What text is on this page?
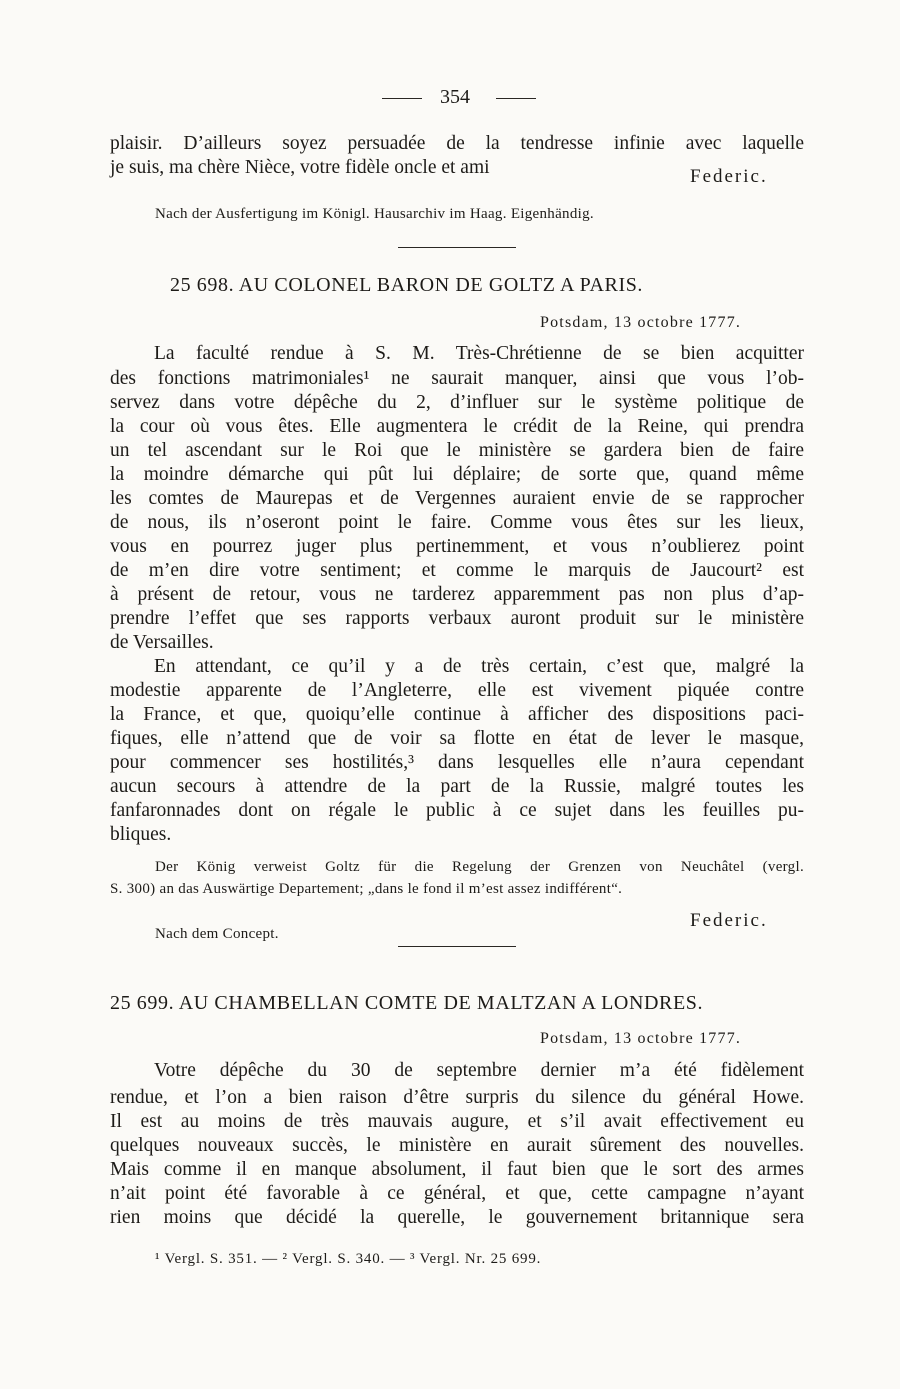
354
plaisir. D’ailleurs soyez persuadée de la tendresse infinie avec laquelle
je suis, ma chère Nièce, votre fidèle oncle et ami	Federic.
Nach der Ausfertigung im Königl. Hausarchiv im Haag. Eigenhändig.
25 698. AU COLONEL BARON DE GOLTZ A PARIS.
Potsdam, 13 octobre 1777.
La faculté rendue à S. M. Très-Chrétienne de se bien acquitter
des fonctions matrimoniales¹ ne saurait manquer, ainsi que vous l’ob-
servez dans votre dépêche du 2, d’influer sur le système politique de
la cour où vous êtes. Elle augmentera le crédit de la Reine, qui prendra
un tel ascendant sur le Roi que le ministère se gardera bien de faire
la moindre démarche qui pût lui déplaire; de sorte que, quand même
les comtes de Maurepas et de Vergennes auraient envie de se rapprocher
de nous, ils n’oseront point le faire. Comme vous êtes sur les lieux,
vous en pourrez juger plus pertinemment, et vous n’oublierez point
de m’en dire votre sentiment; et comme le marquis de Jaucourt² est
à présent de retour, vous ne tarderez apparemment pas non plus d’ap-
prendre l’effet que ses rapports verbaux auront produit sur le ministère
de Versailles.
En attendant, ce qu’il y a de très certain, c’est que, malgré la
modestie apparente de l’Angleterre, elle est vivement piquée contre
la France, et que, quoiqu’elle continue à afficher des dispositions paci-
fiques, elle n’attend que de voir sa flotte en état de lever le masque,
pour commencer ses hostilités,³ dans lesquelles elle n’aura cependant
aucun secours à attendre de la part de la Russie, malgré toutes les
fanfaronnades dont on régale le public à ce sujet dans les feuilles pu-
bliques.
Der König verweist Goltz für die Regelung der Grenzen von Neuchâtel (vergl.
S. 300) an das Auswärtige Departement; „dans le fond il m’est assez indifférent“.
Federic.
Nach dem Concept.
25 699. AU CHAMBELLAN COMTE DE MALTZAN A LONDRES.
Potsdam, 13 octobre 1777.
Votre dépêche du 30 de septembre dernier m’a été fidèlement
rendue, et l’on a bien raison d’être surpris du silence du général Howe.
Il est au moins de très mauvais augure, et s’il avait effectivement eu
quelques nouveaux succès, le ministère en aurait sûrement des nouvelles.
Mais comme il en manque absolument, il faut bien que le sort des armes
n’ait point été favorable à ce général, et que, cette campagne n’ayant
rien moins que décidé la querelle, le gouvernement britannique sera
¹ Vergl. S. 351. — ² Vergl. S. 340. — ³ Vergl. Nr. 25 699.
